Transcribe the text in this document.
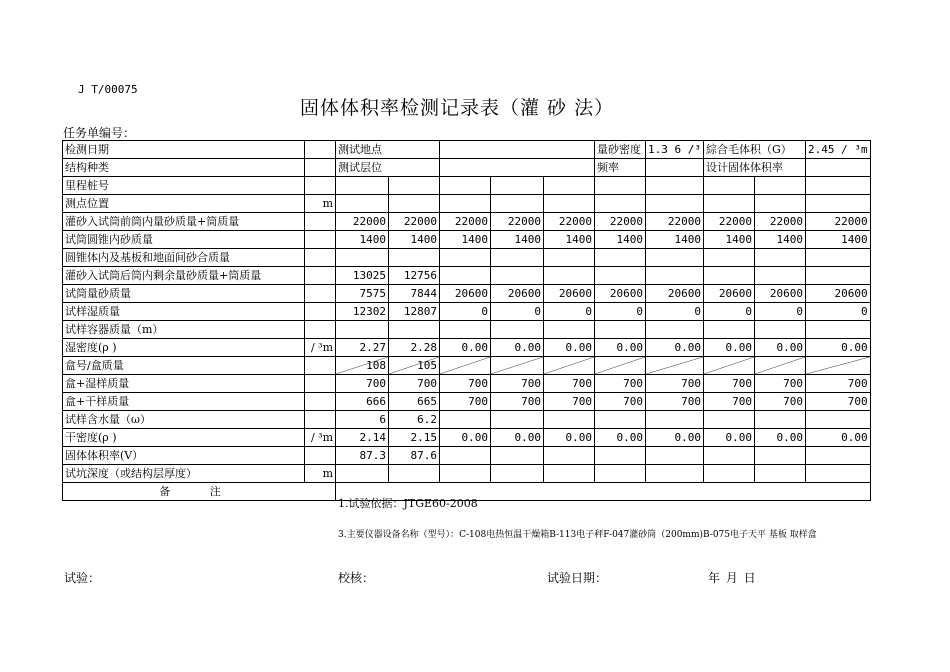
J T/00075
固体体积率检测记录表（灌 砂 法）
任务单编号：
检测日期		测试地点					量砂密度	1.3 6 /³	綜合毛体积（G）		2.45 / ³m
结构种类		测试层位					频率		设计固体体积率		
里程桩号											
测点位置	m										
灌砂入试筒前筒内量砂质量+筒质量		22000	22000	22000	22000	22000	22000	22000	22000	22000	22000
试筒圆锥内砂质量		1400	1400	1400	1400	1400	1400	1400	1400	1400	1400
圆锥体内及基板和地面间砂合质量											
灌砂入试筒后筒内剩余量砂质量+筒质量		13025	12756								
试筒量砂质量		7575	7844	20600	20600	20600	20600	20600	20600	20600	20600
试样湿质量		12302	12807	0	0	0	0	0	0	0	0
试样容器质量（m）											
湿密度(ρ )	/ ³m	2.27	2.28	0.00	0.00	0.00	0.00	0.00	0.00	0.00	0.00
盒号/盒质量		108	105	

盒+湿样质量		700	700	700	700	700	700	700	700	700	700
盒+干样质量		666	665	700	700	700	700	700	700	700	700
试样含水量（ω）		6	6.2								
干密度(ρ )	/ ³m	2.14	2.15	0.00	0.00	0.00	0.00	0.00	0.00	0.00	0.00
固体体积率(V）		87.3	87.6								
试坑深度（或结构层厚度）	m										
备 注		1.试验依据：JTGE60-2008
3.主要仪器设备名称（型号）：C-108电热恒温干燥箱B-113电子秤F-047灌砂筒（200mm)B-075电子天平 基板 取样盒									
试验：	校核：	试验日期：	年 月 日
